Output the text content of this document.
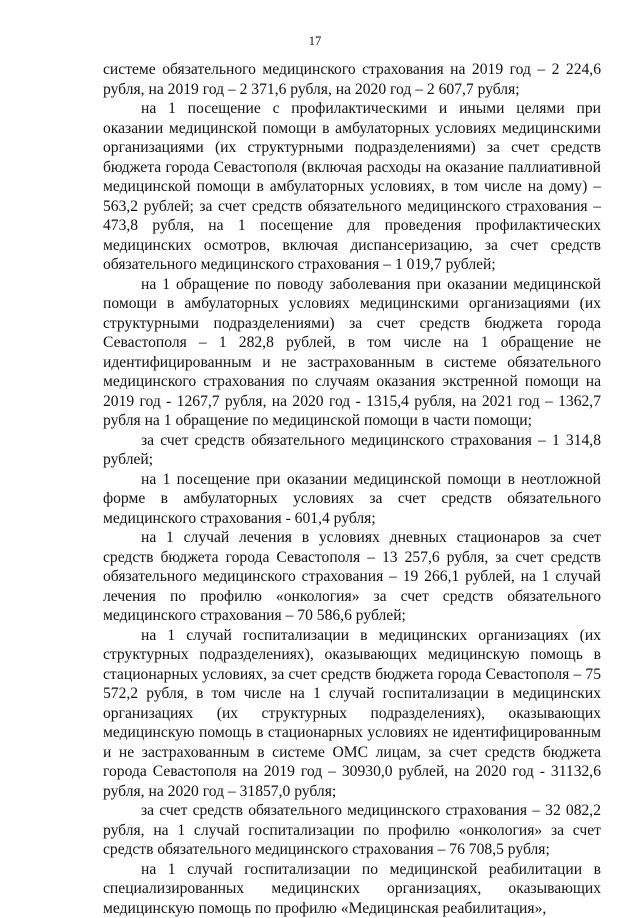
17

системе обязательного медицинского страхования на 2019 год – 2 224,6 рубля, на 2019 год – 2 371,6 рубля, на 2020 год – 2 607,7 рубля;

на 1 посещение с профилактическими и иными целями при оказании медицинской помощи в амбулаторных условиях медицинскими организациями (их структурными подразделениями) за счет средств бюджета города Севастополя (включая расходы на оказание паллиативной медицинской помощи в амбулаторных условиях, в том числе на дому) – 563,2 рублей; за счет средств обязательного медицинского страхования – 473,8 рубля, на 1 посещение для проведения профилактических медицинских осмотров, включая диспансеризацию, за счет средств обязательного медицинского страхования – 1 019,7 рублей;

на 1 обращение по поводу заболевания при оказании медицинской помощи в амбулаторных условиях медицинскими организациями (их структурными подразделениями) за счет средств бюджета города Севастополя – 1 282,8 рублей, в том числе на 1 обращение не идентифицированным и не застрахованным в системе обязательного медицинского страхования по случаям оказания экстренной помощи на 2019 год - 1267,7 рубля, на 2020 год - 1315,4 рубля, на 2021 год – 1362,7 рубля на 1 обращение по медицинской помощи в части помощи;

за счет средств обязательного медицинского страхования – 1 314,8 рублей;

на 1 посещение при оказании медицинской помощи в неотложной форме в амбулаторных условиях за счет средств обязательного медицинского страхования - 601,4 рубля;

на 1 случай лечения в условиях дневных стационаров за счет средств бюджета города Севастополя – 13 257,6 рубля, за счет средств обязательного медицинского страхования – 19 266,1 рублей, на 1 случай лечения по профилю «онкология» за счет средств обязательного медицинского страхования – 70 586,6 рублей;

на 1 случай госпитализации в медицинских организациях (их структурных подразделениях), оказывающих медицинскую помощь в стационарных условиях, за счет средств бюджета города Севастополя – 75 572,2 рубля, в том числе на 1 случай госпитализации в медицинских организациях (их структурных подразделениях), оказывающих медицинскую помощь в стационарных условиях не идентифицированным и не застрахованным в системе ОМС лицам, за счет средств бюджета города Севастополя на 2019 год – 30930,0 рублей, на 2020 год - 31132,6 рубля, на 2020 год – 31857,0 рубля;

за счет средств обязательного медицинского страхования – 32 082,2 рубля, на 1 случай госпитализации по профилю «онкология» за счет средств обязательного медицинского страхования – 76 708,5 рубля;

на 1 случай госпитализации по медицинской реабилитации в специализированных медицинских организациях, оказывающих медицинскую помощь по профилю «Медицинская реабилитация»,
